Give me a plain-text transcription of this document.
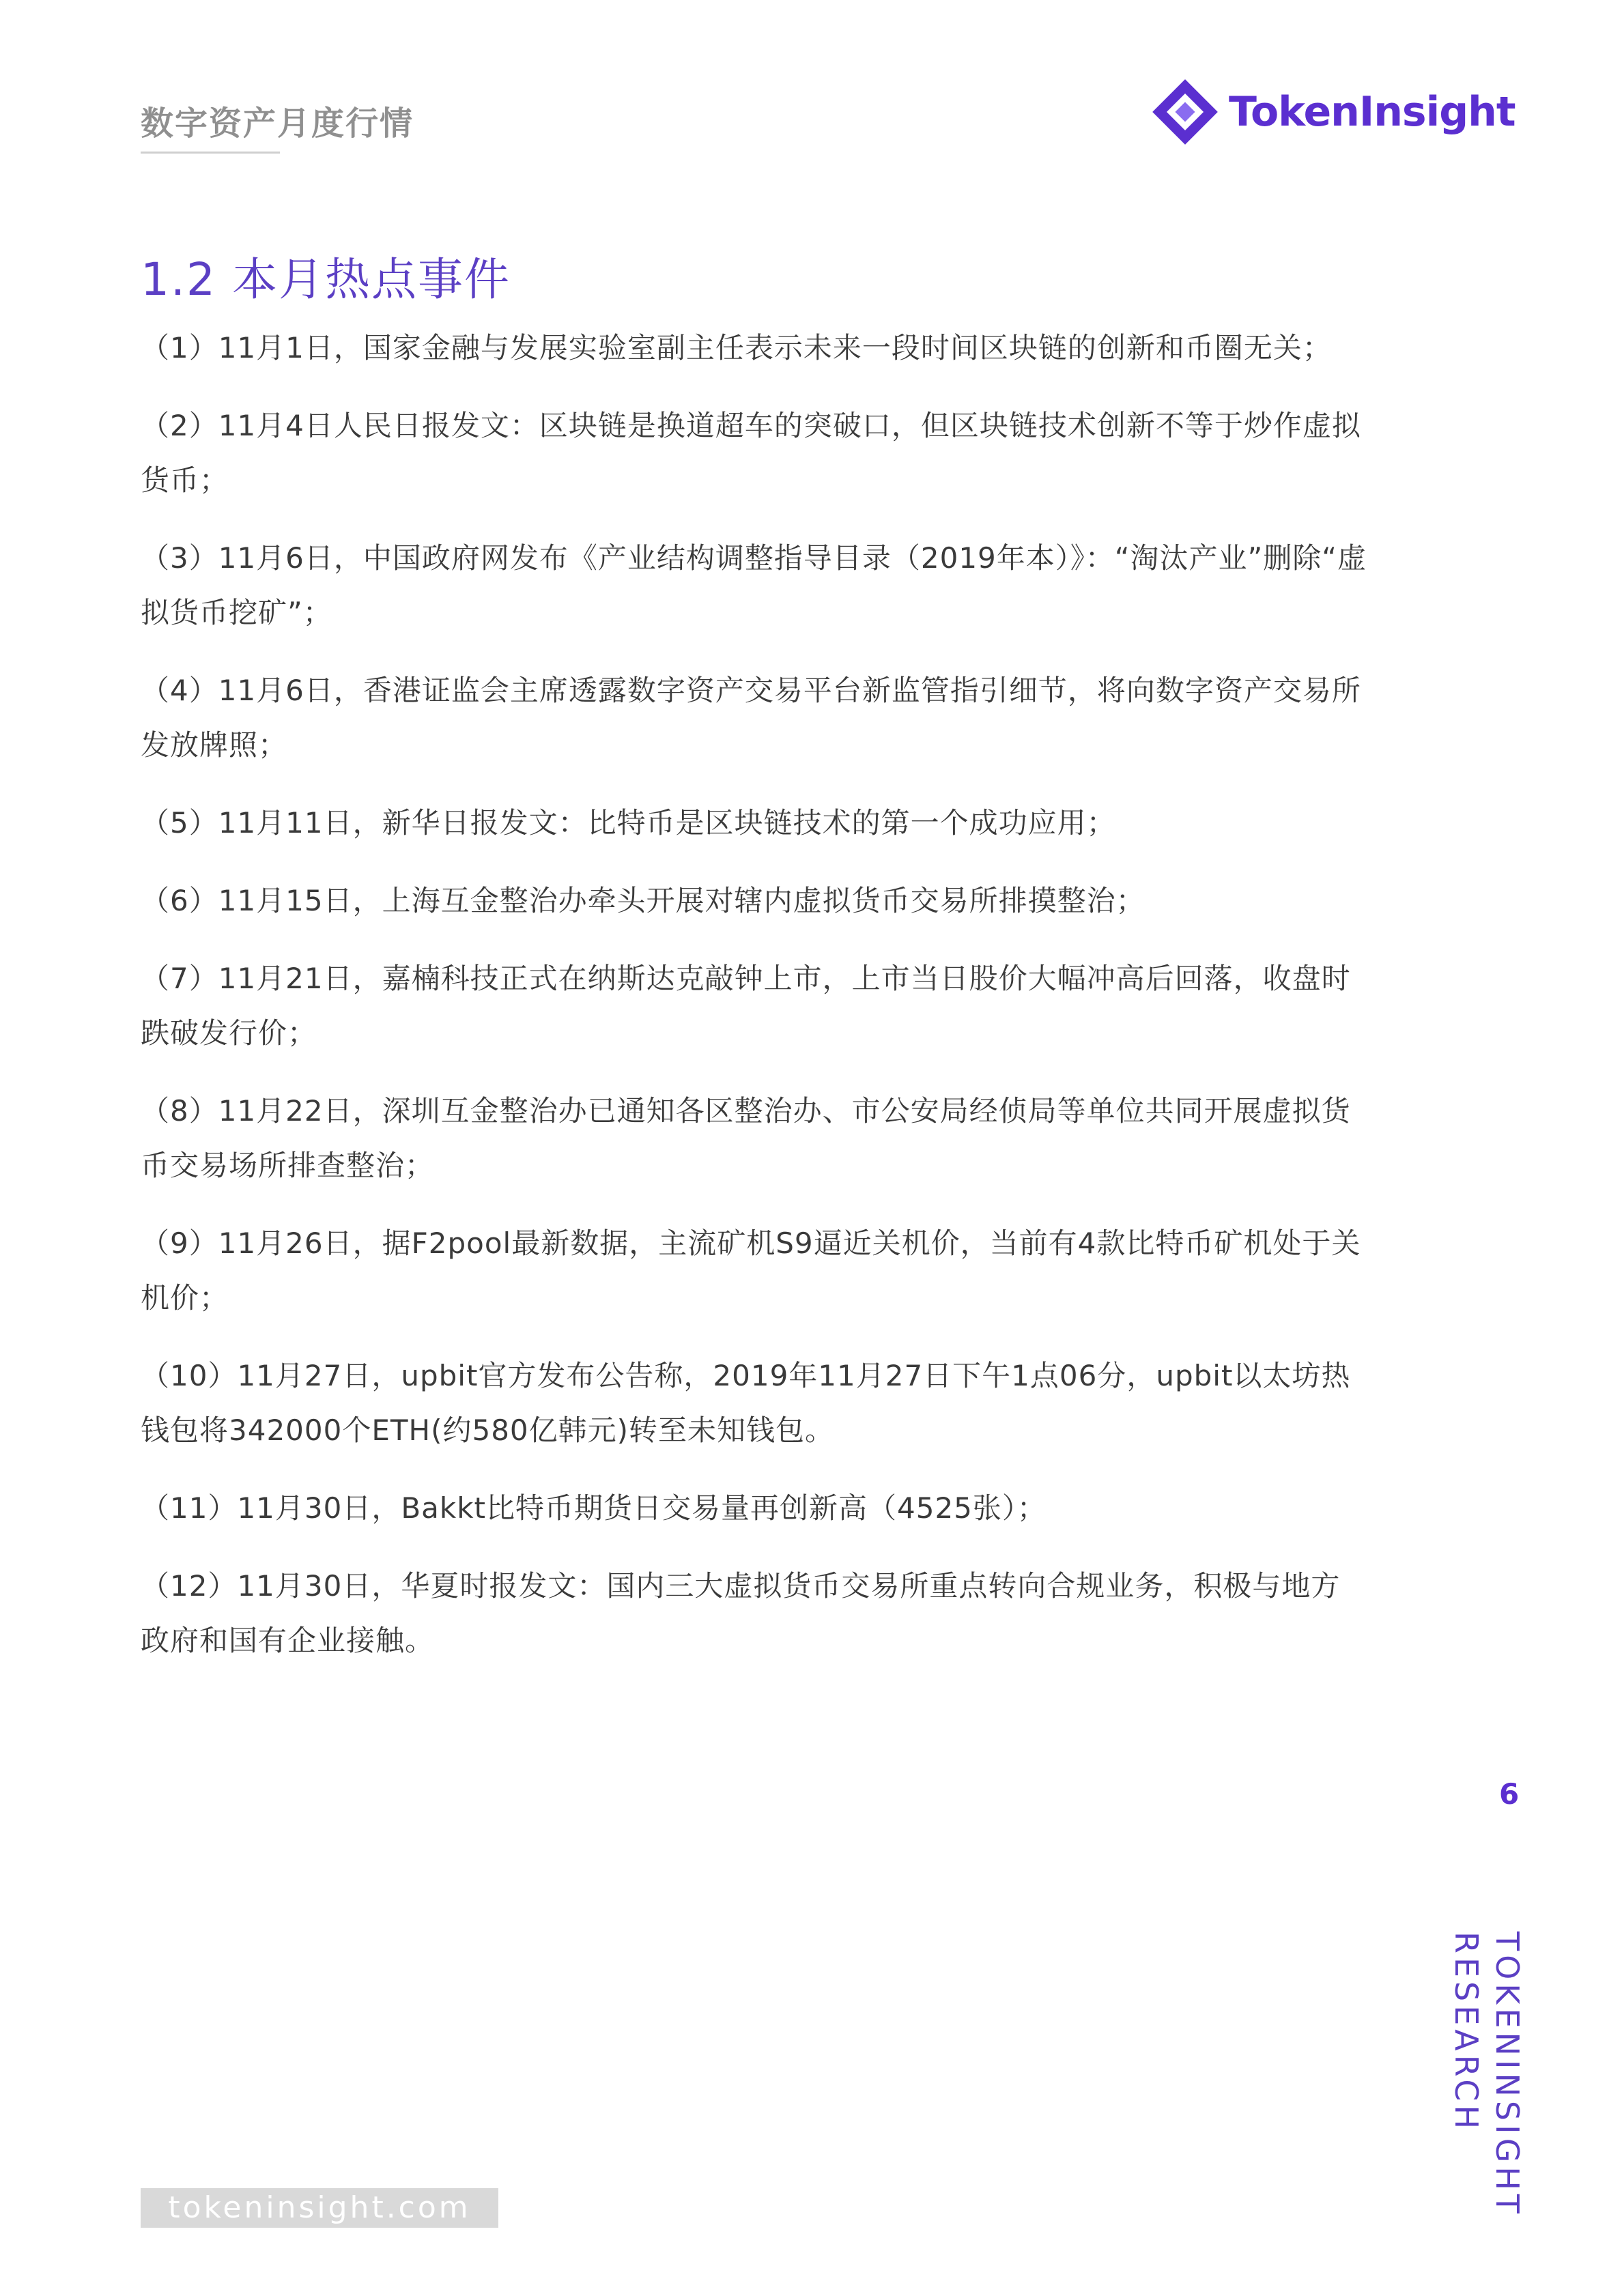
数字资产月度行情	TokenInsight
1.2 本月热点事件
（1）11月1日，国家金融与发展实验室副主任表示未来一段时间区块链的创新和币圈无关；
（2）11月4日人民日报发文：区块链是换道超车的突破口，但区块链技术创新不等于炒作虚拟货币；
（3）11月6日，中国政府网发布《产业结构调整指导目录（2019年本）》：“淘汰产业”删除“虚拟货币挖矿”；
（4）11月6日，香港证监会主席透露数字资产交易平台新监管指引细节，将向数字资产交易所发放牌照；
（5）11月11日，新华日报发文：比特币是区块链技术的第一个成功应用；
（6）11月15日，上海互金整治办牵头开展对辖内虚拟货币交易所排摸整治；
（7）11月21日，嘉楠科技正式在纳斯达克敲钟上市，上市当日股价大幅冲高后回落，收盘时跌破发行价；
（8）11月22日，深圳互金整治办已通知各区整治办、市公安局经侦局等单位共同开展虚拟货币交易场所排查整治；
（9）11月26日，据F2pool最新数据，主流矿机S9逼近关机价，当前有4款比特币矿机处于关机价；
（10）11月27日，upbit官方发布公告称，2019年11月27日下午1点06分，upbit以太坊热钱包将342000个ETH(约580亿韩元)转至未知钱包。
（11）11月30日，Bakkt比特币期货日交易量再创新高（4525张）；
（12）11月30日，华夏时报发文：国内三大虚拟货币交易所重点转向合规业务，积极与地方政府和国有企业接触。
6
TOKENINSIGHT
RESEARCH
tokeninsight.com
